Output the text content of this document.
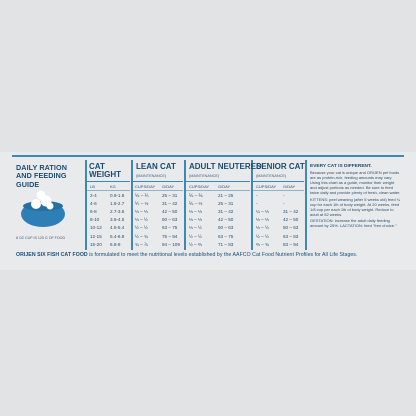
DAILY RATION AND FEEDING GUIDE
8 OZ CUP IS 125 G OF FOOD
CAT WEIGHT
LEAN CAT
(MAINTENANCE)
ADULT NEUTERED
(MAINTENANCE)
SENIOR CAT
(MAINTENANCE)
LB	KG	CUPS/DAY G/DAY	CUPS/DAY G/DAY	CUPS/DAY G/DAY
2-4	0.9-1.8 ⅙ – ⅕	25 – 31	⅙ – ⅙	21 – 25	-	-
4-6	1.8-2.7 ⅕ – ⅓	31 – 42	⅙ – ⅓	25 – 31	-	-
6-8	2.7-3.6 ⅓ – ⅓	42 – 50	⅓ – ⅓	31 – 42	¼ – ⅓	31 – 42
8-10 3.6-4.5 ⅓ – ½	50 – 63	⅓ – ⅓	42 – 50	⅓ – ⅓	42 – 50
10-12 4.5-5.4 ½ – ½	63 – 75	⅓ – ½	50 – 63	⅓ – ½	50 – 63
12-15 5.4-6.8 ½ – ¾	75 – 94	½ – ½	63 – 75	½ – ½	63 – 83
15-20 6.8-9	¾ – ⅞	94 – 109 ½ – ⅔	71 – 83	⅔ – ¾	83 – 94
EVERY CAT IS DIFFERENT.

Because your cat is unique and ORIJEN pet foods are as protein-rich, feeding amounts may vary. Using this chart as a guide, monitor their weight and adjust portions as needed. Be sure to feed twice daily and provide plenty of fresh, clean water.

KITTENS: peel weaning (after 5 weeks old) feed ¼ cup for each 1lb of body weight. At 20 weeks, feed 1/8 cup per each 1lb of body weight. Reduce to adult at 52 weeks.

GESTATION: increase the adult daily feeding amount by 25%. LACTATION: feed "free choice."

ORIJEN SIX FISH CAT FOOD is formulated to meet the nutritional levels established by the AAFCO Cat Food Nutrient Profiles for All Life Stages.
